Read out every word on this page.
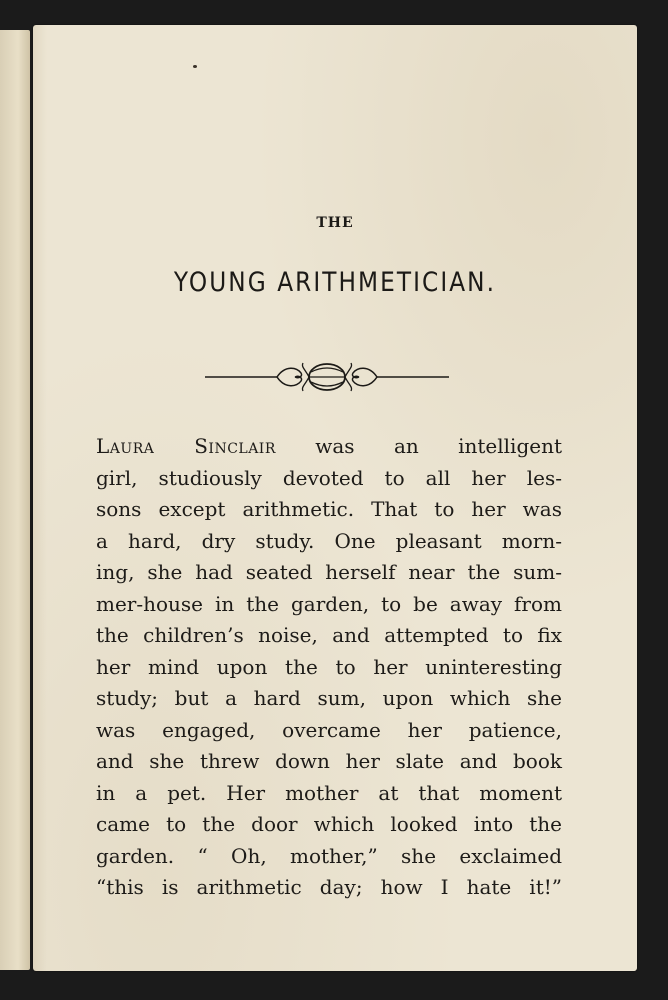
THE
YOUNG ARITHMETICIAN.
Laura Sinclair was an intelligent
girl, studiously devoted to all her les-
sons except arithmetic. That to her was
a hard, dry study. One pleasant morn-
ing, she had seated herself near the sum-
mer-house in the garden, to be away from
the children’s noise, and attempted to fix
her mind upon the to her uninteresting
study; but a hard sum, upon which she
was engaged, overcame her patience,
and she threw down her slate and book
in a pet. Her mother at that moment
came to the door which looked into the
garden. “ Oh, mother,” she exclaimed
“this is arithmetic day; how I hate it!”
